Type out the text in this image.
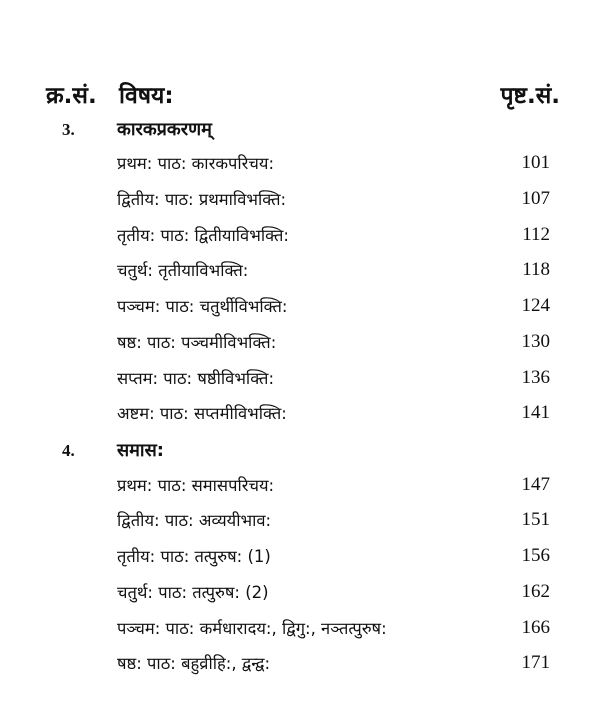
क्र.सं. विषय:	पृष्ट.सं.
3. कारकप्रकरणम्
प्रथम: पाठ: कारकपरिचय:	101
द्वितीय: पाठ: प्रथमाविभक्ति:	107
तृतीय: पाठ: द्वितीयाविभक्ति:	112
चतुर्थ: तृतीयाविभक्ति:	118
पञ्चम: पाठ: चतुर्थीविभक्ति:	124
षष्ठ: पाठ: पञ्चमीविभक्ति:	130
सप्तम: पाठ: षष्ठीविभक्ति:	136
अष्टम: पाठ: सप्तमीविभक्ति:	141
4. समास:
प्रथम: पाठ: समासपरिचय:	147
द्वितीय: पाठ: अव्ययीभाव:	151
तृतीय: पाठ: तत्पुरुष: (1)	156
चतुर्थ: पाठ: तत्पुरुष: (2)	162
पञ्चम: पाठ: कर्मधारादय:, द्विगु:, नञ्तत्पुरुष:	166
षष्ठ: पाठ: बहुव्रीहि:, द्वन्द्व:	171
